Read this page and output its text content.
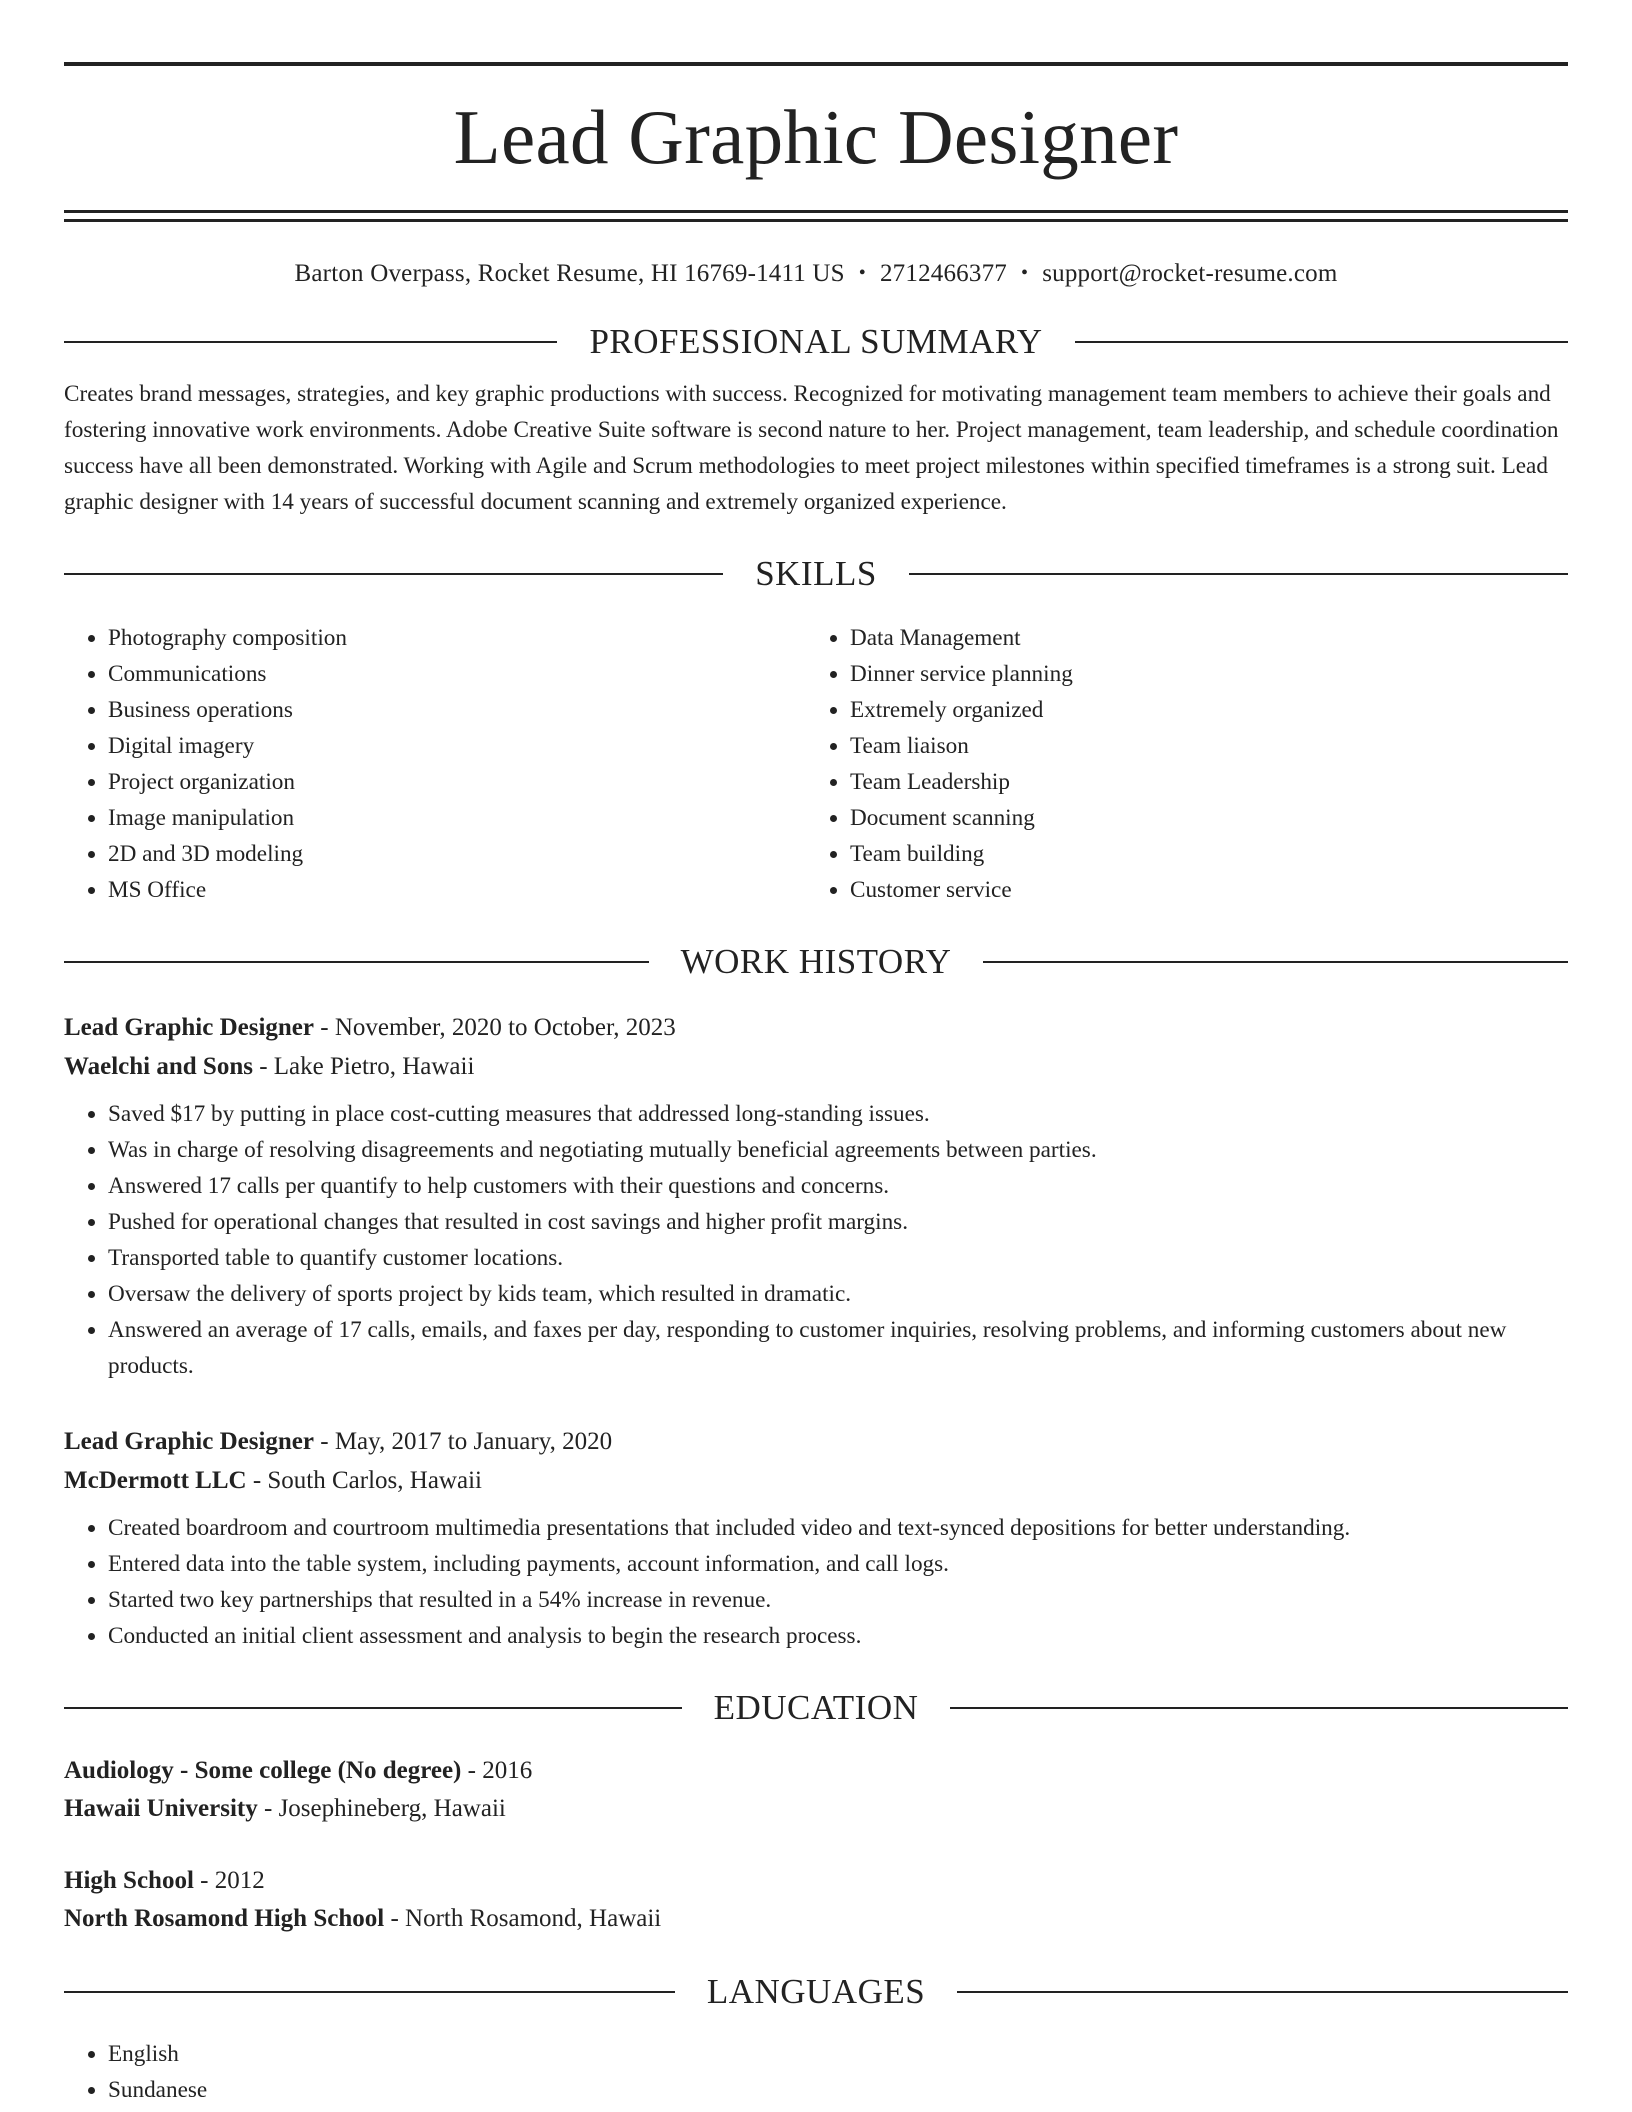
Lead Graphic Designer
Barton Overpass, Rocket Resume, HI 16769-1411 US • 2712466377 • support@rocket-resume.com
PROFESSIONAL SUMMARY

Creates brand messages, strategies, and key graphic productions with success. Recognized for motivating management team members to achieve their goals and fostering innovative work environments. Adobe Creative Suite software is second nature to her. Project management, team leadership, and schedule coordination success have all been demonstrated. Working with Agile and Scrum methodologies to meet project milestones within specified timeframes is a strong suit. Lead graphic designer with 14 years of successful document scanning and extremely organized experience.

SKILLS
• Photography composition
• Communications
• Business operations
• Digital imagery
• Project organization
• Image manipulation
• 2D and 3D modeling
• MS Office
• Data Management
• Dinner service planning
• Extremely organized
• Team liaison
• Team Leadership
• Document scanning
• Team building
• Customer service
WORK HISTORY
Lead Graphic Designer - November, 2020 to October, 2023
Waelchi and Sons - Lake Pietro, Hawaii
• Saved $17 by putting in place cost-cutting measures that addressed long-standing issues.
• Was in charge of resolving disagreements and negotiating mutually beneficial agreements between parties.
• Answered 17 calls per quantify to help customers with their questions and concerns.
• Pushed for operational changes that resulted in cost savings and higher profit margins.
• Transported table to quantify customer locations.
• Oversaw the delivery of sports project by kids team, which resulted in dramatic.
• Answered an average of 17 calls, emails, and faxes per day, responding to customer inquiries, resolving problems, and informing customers about new products.
Lead Graphic Designer - May, 2017 to January, 2020
McDermott LLC - South Carlos, Hawaii
• Created boardroom and courtroom multimedia presentations that included video and text-synced depositions for better understanding.
• Entered data into the table system, including payments, account information, and call logs.
• Started two key partnerships that resulted in a 54% increase in revenue.
• Conducted an initial client assessment and analysis to begin the research process.
EDUCATION
Audiology - Some college (No degree) - 2016
Hawaii University - Josephineberg, Hawaii
High School - 2012
North Rosamond High School - North Rosamond, Hawaii
LANGUAGES
• English
• Sundanese
